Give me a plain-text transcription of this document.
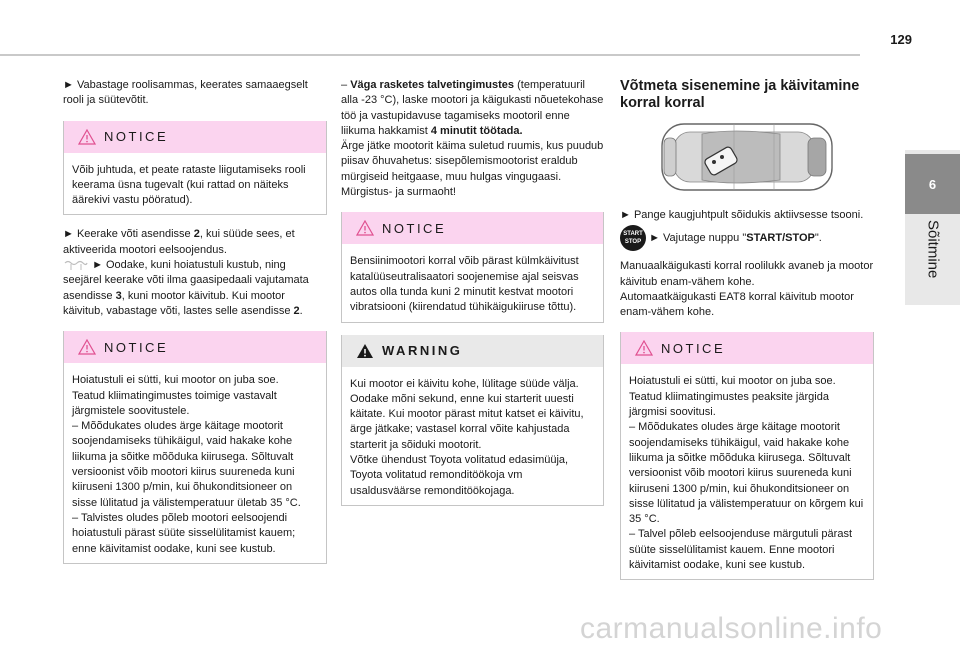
129
6
Sõitmine

► Vabastage roolisammas, keerates samaaegselt rooli ja süütevõtit.

NOTICE

Võib juhtuda, et peate rataste liigutamiseks rooli keerama üsna tugevalt (kui rattad on näiteks äärekivi vastu pööratud).

► Keerake võti asendisse 2, kui süüde sees, et aktiveerida mootori eelsoojendus.

► Oodake, kuni hoiatustuli kustub, ning seejärel keerake võti ilma gaasipedaali vajutamata asendisse 3, kuni mootor käivitub. Kui mootor käivitub, vabastage võti, lastes selle asendisse 2.

NOTICE

Hoiatustuli ei sütti, kui mootor on juba soe.

Teatud kliimatingimustes toimige vastavalt järgmistele soovitustele.

– Mõõdukates oludes ärge käitage mootorit soojendamiseks tühikäigul, vaid hakake kohe liikuma ja sõitke mõõduka kiirusega. Sõltuvalt versioonist võib mootori kiirus suureneda kuni kiiruseni 1300 p/min, kui õhukonditsioneer on sisse lülitatud ja välistemperatuur ületab 35 °C.

– Talvistes oludes põleb mootori eelsoojendi hoiatustuli pärast süüte sisselülitamist kauem; enne käivitamist oodake, kuni see kustub.

– Väga rasketes talvetingimustes (temperatuuril alla -23 °C), laske mootori ja käigukasti nõuetekohase töö ja vastupidavuse tagamiseks mootoril enne liikuma hakkamist 4 minutit töötada.

Ärge jätke mootorit käima suletud ruumis, kus puudub piisav õhuvahetus: sisepõlemismootorist eraldub mürgiseid heitgaase, muu hulgas vingugaasi. Mürgistus- ja surmaoht!

NOTICE

Bensiinimootori korral võib pärast külmkäivitust katalüüseutralisaatori soojenemise ajal seisvas autos olla tunda kuni 2 minutit kestvat mootori vibratsiooni (kiirendatud tühikäigukiiruse tõttu).

WARNING

Kui mootor ei käivitu kohe, lülitage süüde välja.

Oodake mõni sekund, enne kui starterit uuesti käitate. Kui mootor pärast mitut katset ei käivitu, ärge jätkake; vastasel korral võite kahjustada starterit ja sõiduki mootorit.

Võtke ühendust Toyota volitatud edasimüüja, Toyota volitatud remonditöökoja vm usaldusväärse remonditöökojaga.

Võtmeta sisenemine ja käivitamine korral korral

► Pange kaugjuhtpult sõidukis aktiivsesse tsooni.

START
STOP ► Vajutage nuppu "START/STOP".

Manuaalkäigukasti korral roolilukk avaneb ja mootor käivitub enam-vähem kohe.

Automaatkäigukasti EAT8 korral käivitub mootor enam-vähem kohe.

NOTICE

Hoiatustuli ei sütti, kui mootor on juba soe.

Teatud kliimatingimustes peaksite järgida järgmisi soovitusi.

– Mõõdukates oludes ärge käitage mootorit soojendamiseks tühikäigul, vaid hakake kohe liikuma ja sõitke mõõduka kiirusega. Sõltuvalt versioonist võib mootori kiirus suureneda kuni kiiruseni 1300 p/min, kui õhukonditsioneer on sisse lülitatud ja välistemperatuur on kõrgem kui 35 °C.

– Talvel põleb eelsoojenduse märgutuli pärast süüte sisselülitamist kauem. Enne mootori käivitamist oodake, kuni see kustub.

carmanualsonline.info
